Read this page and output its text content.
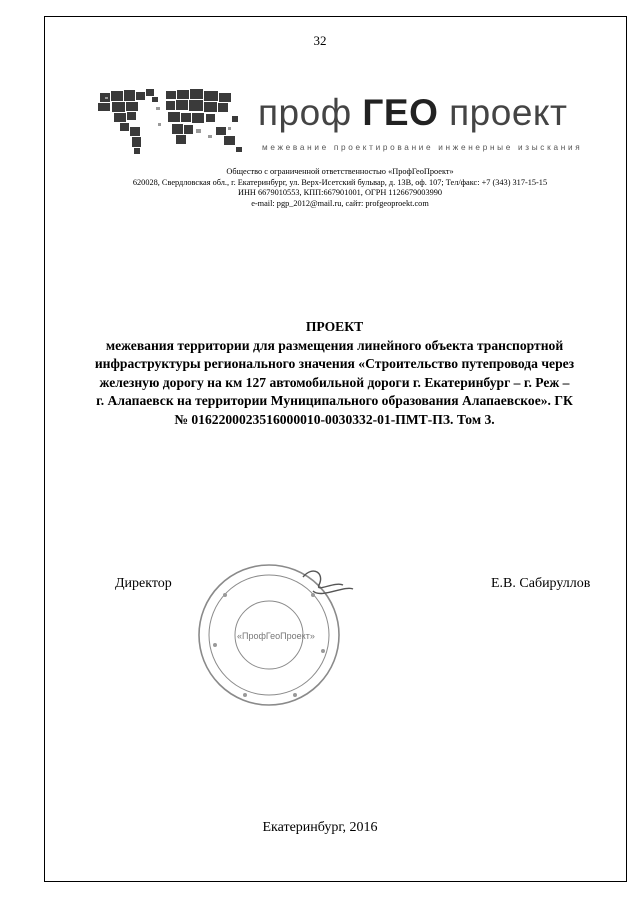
32
проф ГЕО проект
межевание проектирование инженерные изыскания
Общество с ограниченной ответственностью «ПрофГеоПроект»
620028, Свердловская обл., г. Екатеринбург, ул. Верх-Исетский бульвар, д. 13В, оф. 107; Тел/факс: +7 (343) 317-15-15
ИНН 6679010553, КПП:667901001, ОГРН 1126679003990
e-mail: pgp_2012@mail.ru, сайт: profgeoproekt.com
ПРОЕКТ
межевания территории для размещения линейного объекта транспортной
инфраструктуры регионального значения «Строительство путепровода через
железную дорогу на км 127 автомобильной дороги г. Екатеринбург – г. Реж –
г. Алапаевск на территории Муниципального образования Алапаевское». ГК
№ 0162200023516000010-0030332-01-ПМТ-ПЗ. Том 3.
«ПрофГеоПроект»
Директор	Е.В. Сабируллов
Екатеринбург, 2016
